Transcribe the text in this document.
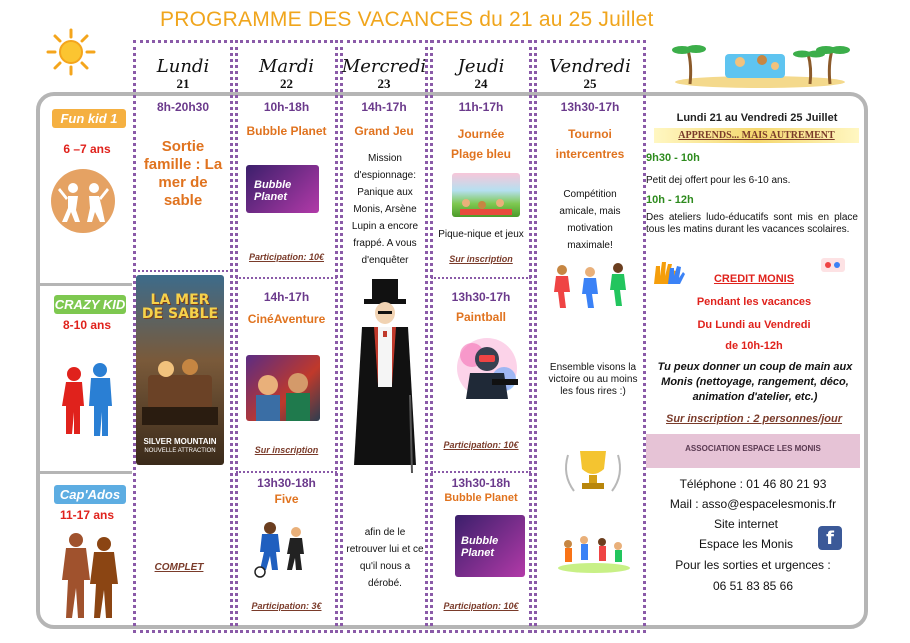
PROGRAMME DES VACANCES du 21 au 25 Juillet
Lundi
21
Mardi
22
Mercredi
23
Jeudi
24
Vendredi
25
Fun kid 1
6 –7 ans
CRAZY KID
8-10 ans
Cap'Ados
11-17 ans
8h-20h30
Sortie famille : La mer de sable
LA MER DE SABLE
SILVER MOUNTAIN
NOUVELLE ATTRACTION
COMPLET
10h-18h
Bubble Planet
Bubble Planet
Participation: 10€
14h-17h
CinéAventure
Sur inscription
13h30-18h
Five
Participation: 3€
14h-17h
Grand Jeu
Mission d'espionnage: Panique aux Monis, Arsène Lupin a encore frappé. A vous d'enquêter
afin de le retrouver lui et ce qu'il nous a dérobé.
11h-17h
Journée Plage bleu
Pique-nique et jeux
Sur inscription
13h30-17h
Paintball
Participation: 10€
13h30-18h
Bubble Planet
Bubble Planet
Participation: 10€
13h30-17h
Tournoi intercentres
Compétition amicale, mais motivation maximale!
Ensemble visons la victoire ou au moins les fous rires :)
Lundi 21 au Vendredi 25 Juillet
APPRENDS... MAIS AUTREMENT
9h30 - 10h
Petit dej offert pour les 6-10 ans.
10h - 12h
Des ateliers ludo-éducatifs sont mis en place tous les matins durant les vacances scolaires.
CREDIT MONIS
Pendant les vacances
Du Lundi au Vendredi
de 10h-12h
Tu peux donner un coup de main aux Monis (nettoyage, rangement, déco, animation d'atelier, etc.)
Sur inscription : 2 personnes/jour
ASSOCIATION ESPACE LES MONIS
Téléphone : 01 46 80 21 93
Mail : asso@espacelesmonis.fr
Site internet
Espace les Monis	f
Pour les sorties et urgences :
06 51 83 85 66
